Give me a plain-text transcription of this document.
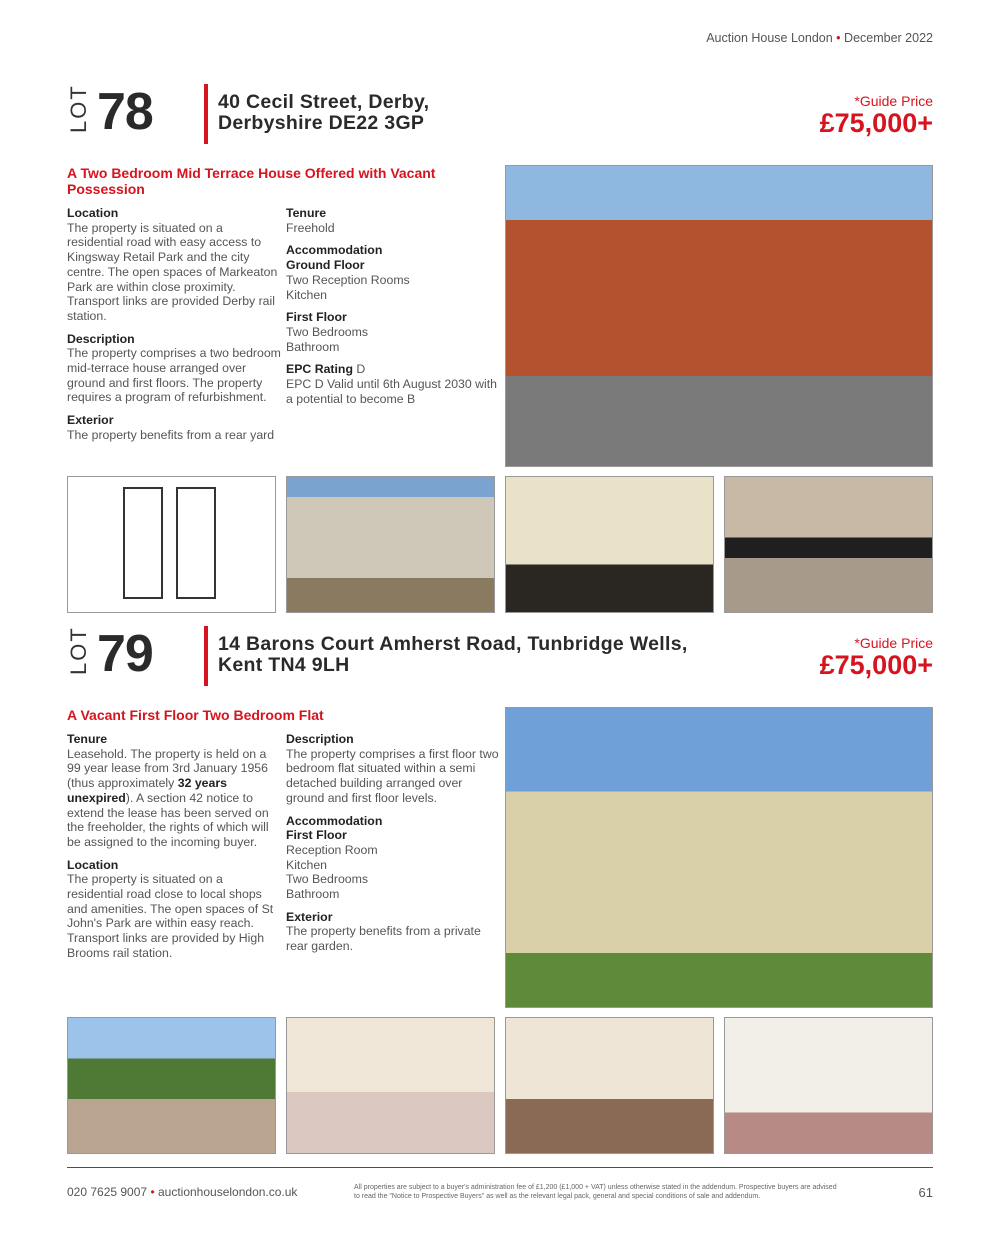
Auction House London • December 2022
LOT 78	40 Cecil Street, Derby,
Derbyshire DE22 3GP
*Guide Price
£75,000+
A Two Bedroom Mid Terrace House Offered with Vacant Possession
Location

The property is situated on a residential road with easy access to Kingsway Retail Park and the city centre. The open spaces of Markeaton Park are within close proximity. Transport links are provided Derby rail station.

Description

The property comprises a two bedroom mid-terrace house arranged over ground and first floors. The property requires a program of refurbishment.

Exterior

The property benefits from a rear yard

Tenure

Freehold

Accommodation
Ground Floor
Two Reception Rooms

Kitchen

First Floor
Two Bedrooms

Bathroom

EPC Rating D

EPC D Valid until 6th August 2030 with a potential to become B

LOT 79	14 Barons Court Amherst Road, Tunbridge Wells,
Kent TN4 9LH
*Guide Price
£75,000+
A Vacant First Floor Two Bedroom Flat
Tenure

Leasehold. The property is held on a 99 year lease from 3rd January 1956 (thus approximately 32 years unexpired). A section 42 notice to extend the lease has been served on the freeholder, the rights of which will be assigned to the incoming buyer.

Location

The property is situated on a residential road close to local shops and amenities. The open spaces of St John's Park are within easy reach. Transport links are provided by High Brooms rail station.

Description

The property comprises a first floor two bedroom flat situated within a semi detached building arranged over ground and first floor levels.

Accommodation
First Floor
Reception Room
Kitchen
Two Bedrooms

Bathroom

Exterior

The property benefits from a private rear garden.

020 7625 9007 • auctionhouselondon.co.uk	All properties are subject to a buyer's administration fee of £1,200 (£1,000 + VAT) unless otherwise stated in the addendum. Prospective buyers are advised to read the "Notice to Prospective Buyers" as well as the relevant legal pack, general and special conditions of sale and addendum.	61
